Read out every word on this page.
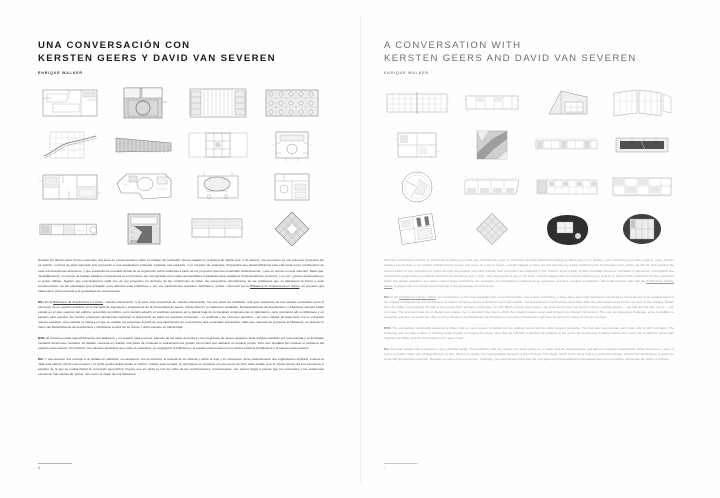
UNA CONVERSACIÓN CON
KERSTEN GEERS Y DAVID VAN SEVEREN
ENRIQUE WALKER

Durante los últimos años hemos sostenido una serie de conversaciones sobre su trabajo. En particular, hemos tratado un problema de diseño que, a mi parecer, era recurrente en sus primeros proyectos. En mi opinión, muchos de ellos suponían una corrección a una arquitectura existente mediante una estancia, o un conjunto de estancias. Propondría que desarrolláramos esta entrevista como continuación de esas conversaciones anteriores, y que examinemos el estado actual de su argumento sobre estancias a partir de los proyectos que han construido recientemente, y que se reúnen en este volumen. Dado que, inevitablemente, un cuerpo de trabajo adquiere competencia en el retroceso, las monografías como tales oportunidades recapitulan para establecer denominaciones comunes, y su voz: ¿serían argumentos en el propio trabajo. Sugiero que examinásemos cada uno de sus proyectos en términos de las condiciones de base: las trayectorias atmosféricas, de las problemas que se plantearon la forma a esas construcciones, de las estrategias que actuaban pues discutas esas problemas y, por sus implicaciones restantes. Podríamos, quizás, comenzar por la Biblioteca de Arquitectura en Gante, un proyecto que hasta cierto punto precede a la genealogía de conversiones.

KG: En la Biblioteca de Arquitectura en Gante, nuestra intervención, o la parte más importante de nuestra intervención, fue una pieza de mobiliario, una gran estantería de tres plantas concebida como el perímetro de un espacio existente en la Facultad de Ingeniería y Arquitectura de la Universidad de Gante, donde David y yo habíamos estudiado. El Departamento de Arquitectura y Urbanismo siempre había estado en el piso superior del edificio, escondido al público, pero decidió adquirir el vestíbulo existente en la planta baja de la Facultad, antiguamente un laboratorio, para incorporar allí su biblioteca y un espacio para eventos. Es nuestro propuesta plenamente mantener la disposición de todos los espacios existentes —el vestíbulo y los extremos laterales— tal como estaba. El argumento era no proyectar nuevos espacios, sino cambiar la manera en que se usaban los existentes a partir de una intervención en el perímetro. Era un desafío interesante, dado que, además de proyectar la biblioteca, se obtenía un tramo del Departamento de Arquitectura y Urbanismo a partir de su primer y único espacio en planta baja.

DVS: El concurso pedía específicamente una biblioteca y un espacio para eventos, además de las salas de lectura y los programas de apoyo restantes. Esta antigua vestíbulo era monumental y su iluminado mediante lucernarios cenitales. El desafío consistía en realizar una plaza de modestia lo suficientemente grande como para que definiera un espacio propio. Pero aún quedaba por resolver el problema del espacio para eventos. Al introducir una volumen deslizante que cubre la estantería, se conjugaron la biblioteca y el espacio para eventos en la misma estancia la biblioteca y el espacio para eventos.

KG: Y esa solución nos condujo a un detalle en particular. La estantería, con la columna, la retícula de la cubierta y sobre el tope y el contrapeso, tiene prácticamente una organización tripartita. Cuando la valla está abierta, forma una corredor y el techo queda visible desde el interior; cuando está cerrada, el contrapeso se convierte en una suerte de friso. Este detalle, que al mismo tiempo da a la estructura el carácter de la que se podría llamar la corrección geométrica. Puesto que sin duda es tras los años de las construcciones. Curiosamente, nos parece llegar a pensar que los lucernarios y las estanterías estuvieron han estado allí, juntos, casi como el olvido de una biblioteca.

6
A CONVERSATION WITH
KERSTEN GEERS AND DAVID VAN SEVEREN
ENRIQUE WALKER

We have conducted a number of conversations about your work over the past few years. In particular, we have discussed a design problem that, in my opinion, was recurrent in your early projects: many of them entailed a correction to an existing architecture by means of a room, or a set of rooms. I would suggest to carry out this interview by simply continuing the conversation from where we left off, and examine the current status of your argument on rooms through the projects you have recently built, and which are collected in this volume. Since a body of work inevitably becomes consistent in retrospect, monographs are exceptional opportunities to establish common denominators and, in turn, trace arguments at play in the work. I would suggest that we examine each of your projects in terms of the constraints of their respective briefs, the design questions you raised around those constraints, the strategies you articulated to address those questions, and their resultant implications. We could perhaps start with the Architecture Library, Ghent, a project that to a certain extent belongs to that genealogy of corrections.

KG: In the Architecture Library, Ghent, our intervention, or the most important part of our intervention, was a piece of furniture, a large three-story high bookshelf, conceived as the perimeter of an existing space in the Faculty of Engineering and Architecture at Ghent University, where both David and I had studied. The Department of Architecture and Urban Planning had always been on the top floor of the building, hidden from the public, and acquired the hall on the ground floor, formerly a laboratory, for their library and an event space. We proposed to keep the layout of all the existing spaces — the hall and the side rooms — just as it was. The argument was not to design new spaces, but to transform the way in which the existing spaces were used through a perimeter intervention. This was an interesting challenge, since in addition to designing a library, we would also offer a sort of façade to the Department of Architecture and Urban Planning through their first and only space on the ground floor.

DVS: The competition specifically asked for a library and an event space, in addition to the reading rooms and the other support programs. The hall was monumental, and it was only lit with roof lights. The challenge was to make a piece of furniture large enough to become the space itself. But we still had to address the problem of the event. By introducing a sliding volume that covers the bookshelf, we brought together the library and the event space in the same room.

KG: And that solution led us towards a very particular detail. The bookshelf, with the column, the beam going up or down, and the counterweight, has almost a tripartite organization. When the beam is open, it forms a corridor under the existing balcony; in turn, when it is closed, the counterweight becomes a kind of frieze. This detail, which at the same time is a technical solution, defined the architecture of what you could call geometrical correction. Because of course it is a correction. Strangely, you could almost think that the roof lights and the bookshelves had always been there together, almost like the cliché of a library.

7
